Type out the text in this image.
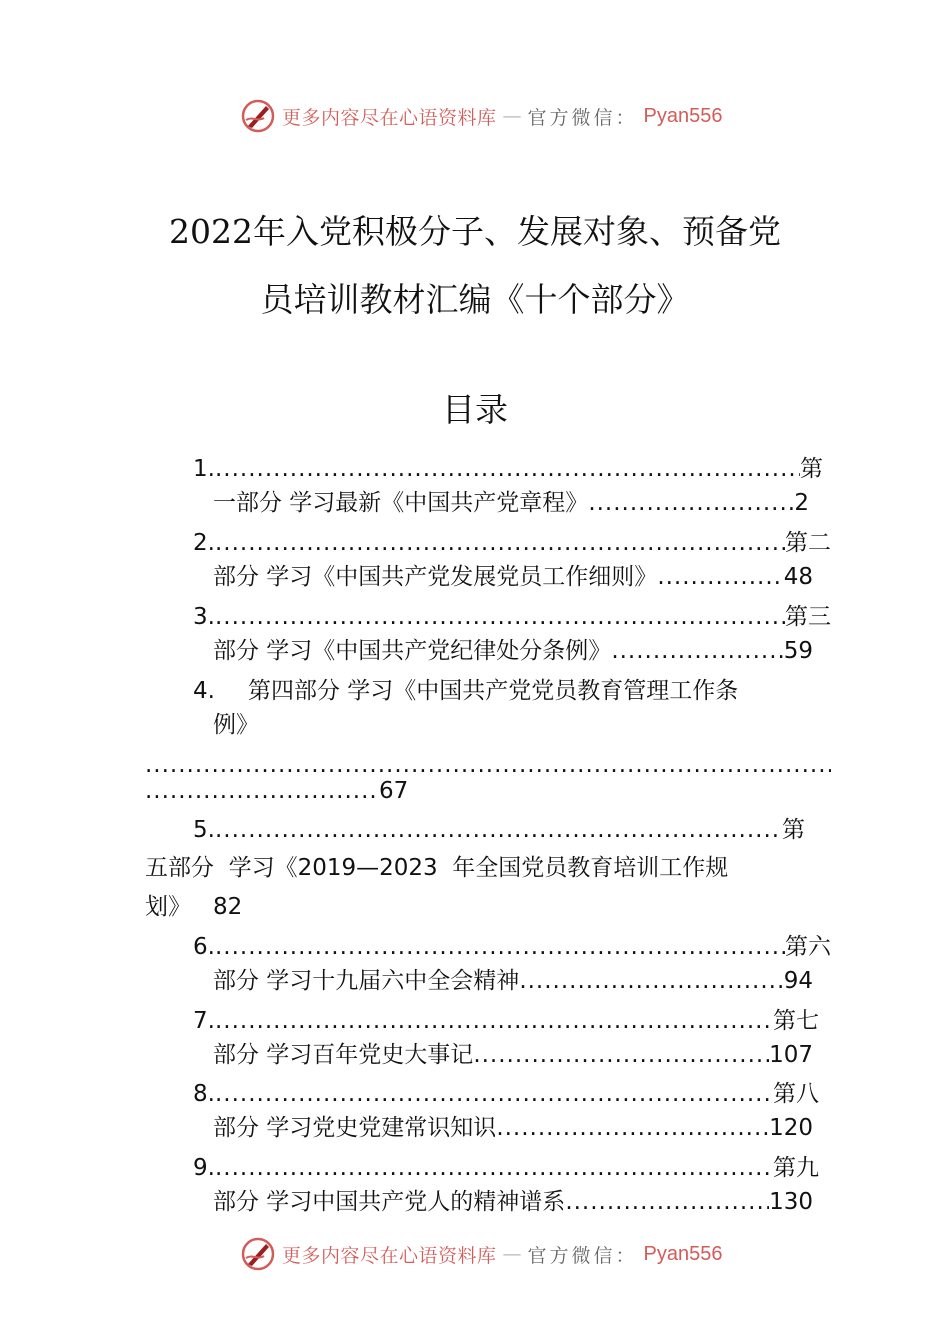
更多内容尽在心语资料库 — 官方微信： Pyan556
2022年入党积极分子、发展对象、预备党
员培训教材汇编《十个部分》
目录
1. .....	第
一部分 学习最新《中国共产党章程》 .....	2
2. .....	第二
部分 学习《中国共产党发展党员工作细则》 .....	48
3. .....	第三
部分 学习《中国共产党纪律处分条例》 .....	59
4.	第四部分 学习《中国共产党党员教育管理工作条
例》
.....
.....
67
5. .....	第
五部分  学习《2019—2023  年全国党员教育培训工作规
划》 82
6. .....	第六
部分 学习十九届六中全会精神 .....	94
7. .....	第七
部分 学习百年党史大事记 .....	107
8. .....	第八
部分 学习党史党建常识知识 .....	120
9. .....	第九
部分 学习中国共产党人的精神谱系 .....	130
更多内容尽在心语资料库 — 官方微信： Pyan556
